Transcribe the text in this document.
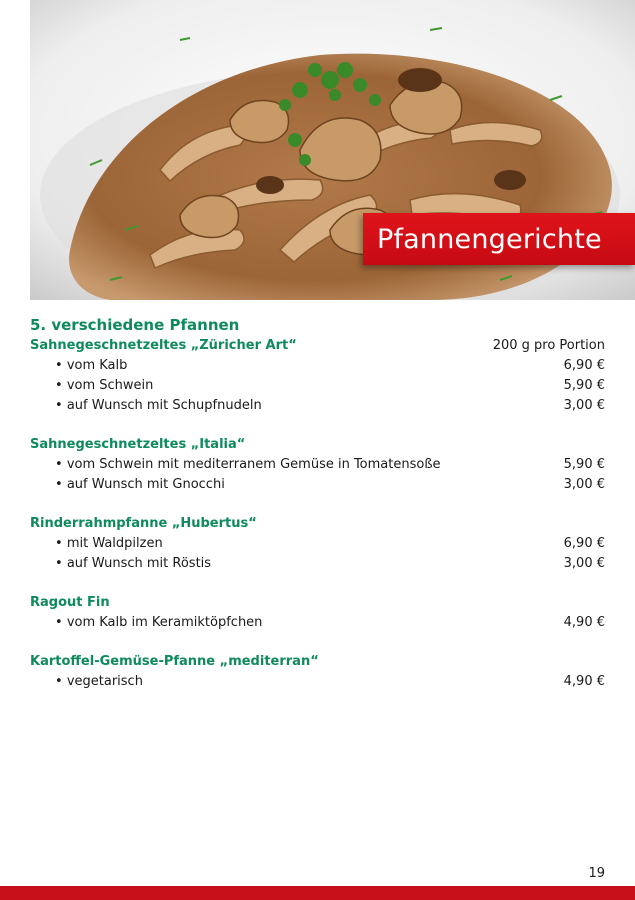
Pfannengerichte
5. verschiedene Pfannen
Sahnegeschnetzeltes „Züricher Art“	200 g pro Portion
• vom Kalb	6,90 €
• vom Schwein	5,90 €
• auf Wunsch mit Schupfnudeln	3,00 €
Sahnegeschnetzeltes „Italia“
• vom Schwein mit mediterranem Gemüse in Tomatensoße	5,90 €
• auf Wunsch mit Gnocchi	3,00 €
Rinderrahmpfanne „Hubertus“
• mit Waldpilzen	6,90 €
• auf Wunsch mit Röstis	3,00 €
Ragout Fin
• vom Kalb im Keramiktöpfchen	4,90 €
Kartoffel-Gemüse-Pfanne „mediterran“
• vegetarisch	4,90 €
19
